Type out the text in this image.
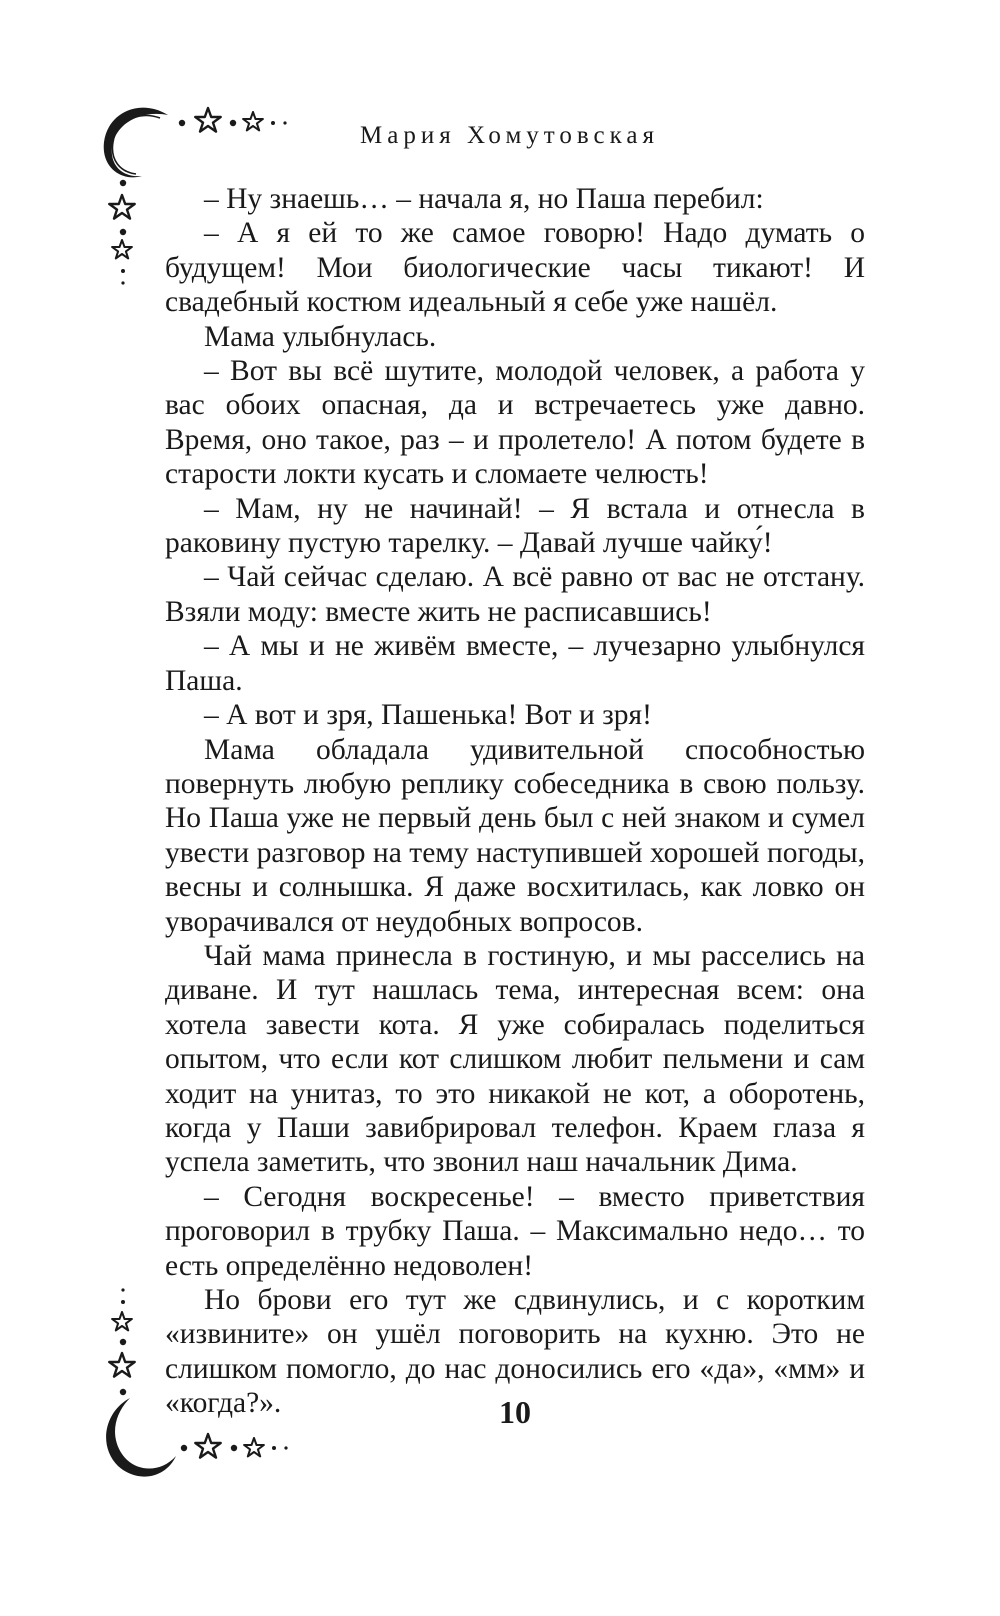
Мария Хомутовская

– Ну знаешь… – начала я, но Паша перебил:

– А я ей то же самое говорю! Надо думать о будущем! Мои биологические часы тикают! И свадебный костюм идеальный я себе уже нашёл.

Мама улыбнулась.

– Вот вы всё шутите, молодой человек, а работа у вас обоих опасная, да и встречаетесь уже давно. Время, оно такое, раз – и пролетело! А потом будете в старости локти кусать и сломаете челюсть!

– Мам, ну не начинай! – Я встала и отнесла в раковину пустую тарелку. – Давай лучше чайку́!

– Чай сейчас сделаю. А всё равно от вас не отстану. Взяли моду: вместе жить не расписавшись!

– А мы и не живём вместе, – лучезарно улыбнулся Паша.

– А вот и зря, Пашенька! Вот и зря!

Мама обладала удивительной способностью повернуть любую реплику собеседника в свою пользу. Но Паша уже не первый день был с ней знаком и сумел увести разговор на тему наступившей хорошей погоды, весны и солнышка. Я даже восхитилась, как ловко он уворачивался от неудобных вопросов.

Чай мама принесла в гостиную, и мы расселись на диване. И тут нашлась тема, интересная всем: она хотела завести кота. Я уже собиралась поделиться опытом, что если кот слишком любит пельмени и сам ходит на унитаз, то это никакой не кот, а оборотень, когда у Паши завибрировал телефон. Краем глаза я успела заметить, что звонил наш начальник Дима.

– Сегодня воскресенье! – вместо приветствия проговорил в трубку Паша. – Максимально недо… то есть определённо недоволен!

Но брови его тут же сдвинулись, и с коротким «извините» он ушёл поговорить на кухню. Это не слишком помогло, до нас доносились его «да», «мм» и «когда?».	10
